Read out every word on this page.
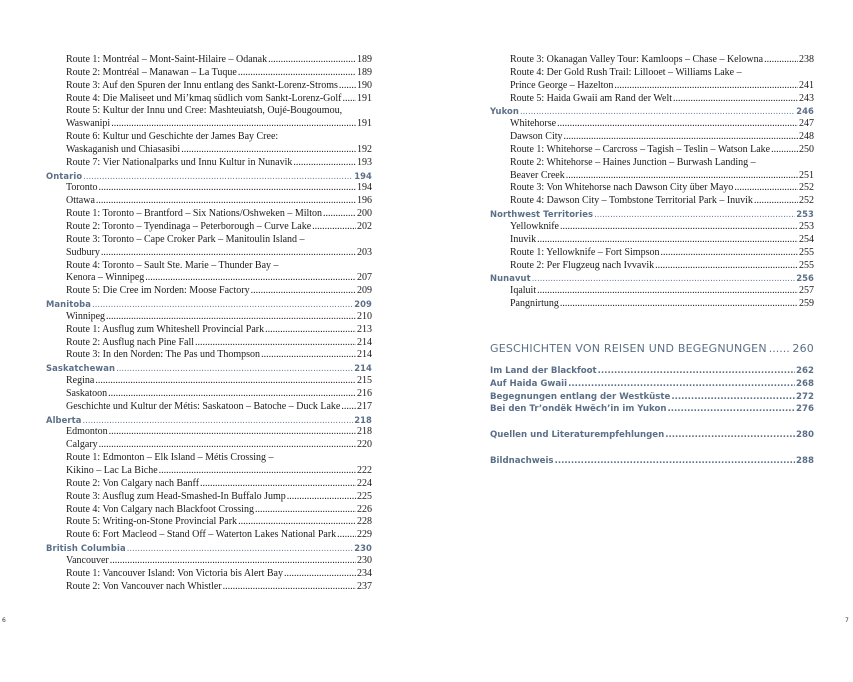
Route 1: Montréal – Mont-Saint-Hilaire – Odanak .....	189
Route 2: Montréal – Manawan – La Tuque .....	189
Route 3: Auf den Spuren der Innu entlang des Sankt-Lorenz-Stroms ..... 190
Route 4: Die Maliseet und Mi’kmaq südlich vom Sankt-Lorenz-Golf ..... 191
Route 5: Kultur der Innu und Cree: Mashteuiatsh, Oujé-Bougoumou,
Waswanipi .....	191
Route 6: Kultur und Geschichte der James Bay Cree:
Waskaganish und Chiasasibi .....	192
Route 7: Vier Nationalparks und Innu Kultur in Nunavik .....	193
Ontario .....	194
Toronto .....	194
Ottawa .....	196
Route 1: Toronto – Brantford – Six Nations/Oshweken – Milton .....	200
Route 2: Toronto – Tyendinaga – Peterborough – Curve Lake .....	202
Route 3: Toronto – Cape Croker Park – Manitoulin Island –
Sudbury .....	203
Route 4: Toronto – Sault Ste. Marie – Thunder Bay –
Kenora – Winnipeg .....	207
Route 5: Die Cree im Norden: Moose Factory .....	209
Manitoba .....	209
Winnipeg .....	210
Route 1: Ausflug zum Whiteshell Provincial Park .....	213
Route 2: Ausflug nach Pine Fall .....	214
Route 3: In den Norden: The Pas und Thompson .....	214
Saskatchewan .....	214
Regina .....	215
Saskatoon .....	216
Geschichte und Kultur der Métis: Saskatoon – Batoche – Duck Lake ..... 217
Alberta .....	218
Edmonton .....	218
Calgary .....	220
Route 1: Edmonton – Elk Island – Métis Crossing –
Kikino – Lac La Biche .....	222
Route 2: Von Calgary nach Banff .....	224
Route 3: Ausflug zum Head-Smashed-In Buffalo Jump .....	225
Route 4: Von Calgary nach Blackfoot Crossing .....	226
Route 5: Writing-on-Stone Provincial Park .....	228
Route 6: Fort Macleod – Stand Off – Waterton Lakes National Park ..... 229
British Columbia .....	230
Vancouver .....	230
Route 1: Vancouver Island: Von Victoria bis Alert Bay .....	234
Route 2: Von Vancouver nach Whistler .....	237
Route 3: Okanagan Valley Tour: Kamloops – Chase – Kelowna .....	238
Route 4: Der Gold Rush Trail: Lillooet – Williams Lake –
Prince George – Hazelton .....	241
Route 5: Haida Gwaii am Rand der Welt .....	243
Yukon .....	246
Whitehorse .....	247
Dawson City .....	248
Route 1: Whitehorse – Carcross – Tagish – Teslin – Watson Lake .....	250
Route 2: Whitehorse – Haines Junction – Burwash Landing –
Beaver Creek .....	251
Route 3: Von Whitehorse nach Dawson City über Mayo .....	252
Route 4: Dawson City – Tombstone Territorial Park – Inuvik .....	252
Northwest Territories .....	253
Yellowknife .....	253
Inuvik .....	254
Route 1: Yellowknife – Fort Simpson .....	255
Route 2: Per Flugzeug nach Ivvavik .....	255
Nunavut .....	256
Iqaluit .....	257
Pangnirtung .....	259
GESCHICHTEN VON REISEN UND BEGEGNUNGEN ..... 260
Im Land der Blackfoot .....	262
Auf Haida Gwaii .....	268
Begegnungen entlang der Westküste .....	272
Bei den Tr’ondëk Hwëch’in im Yukon .....	276
Quellen und Literaturempfehlungen .....	280
Bildnachweis .....	288
6	7
